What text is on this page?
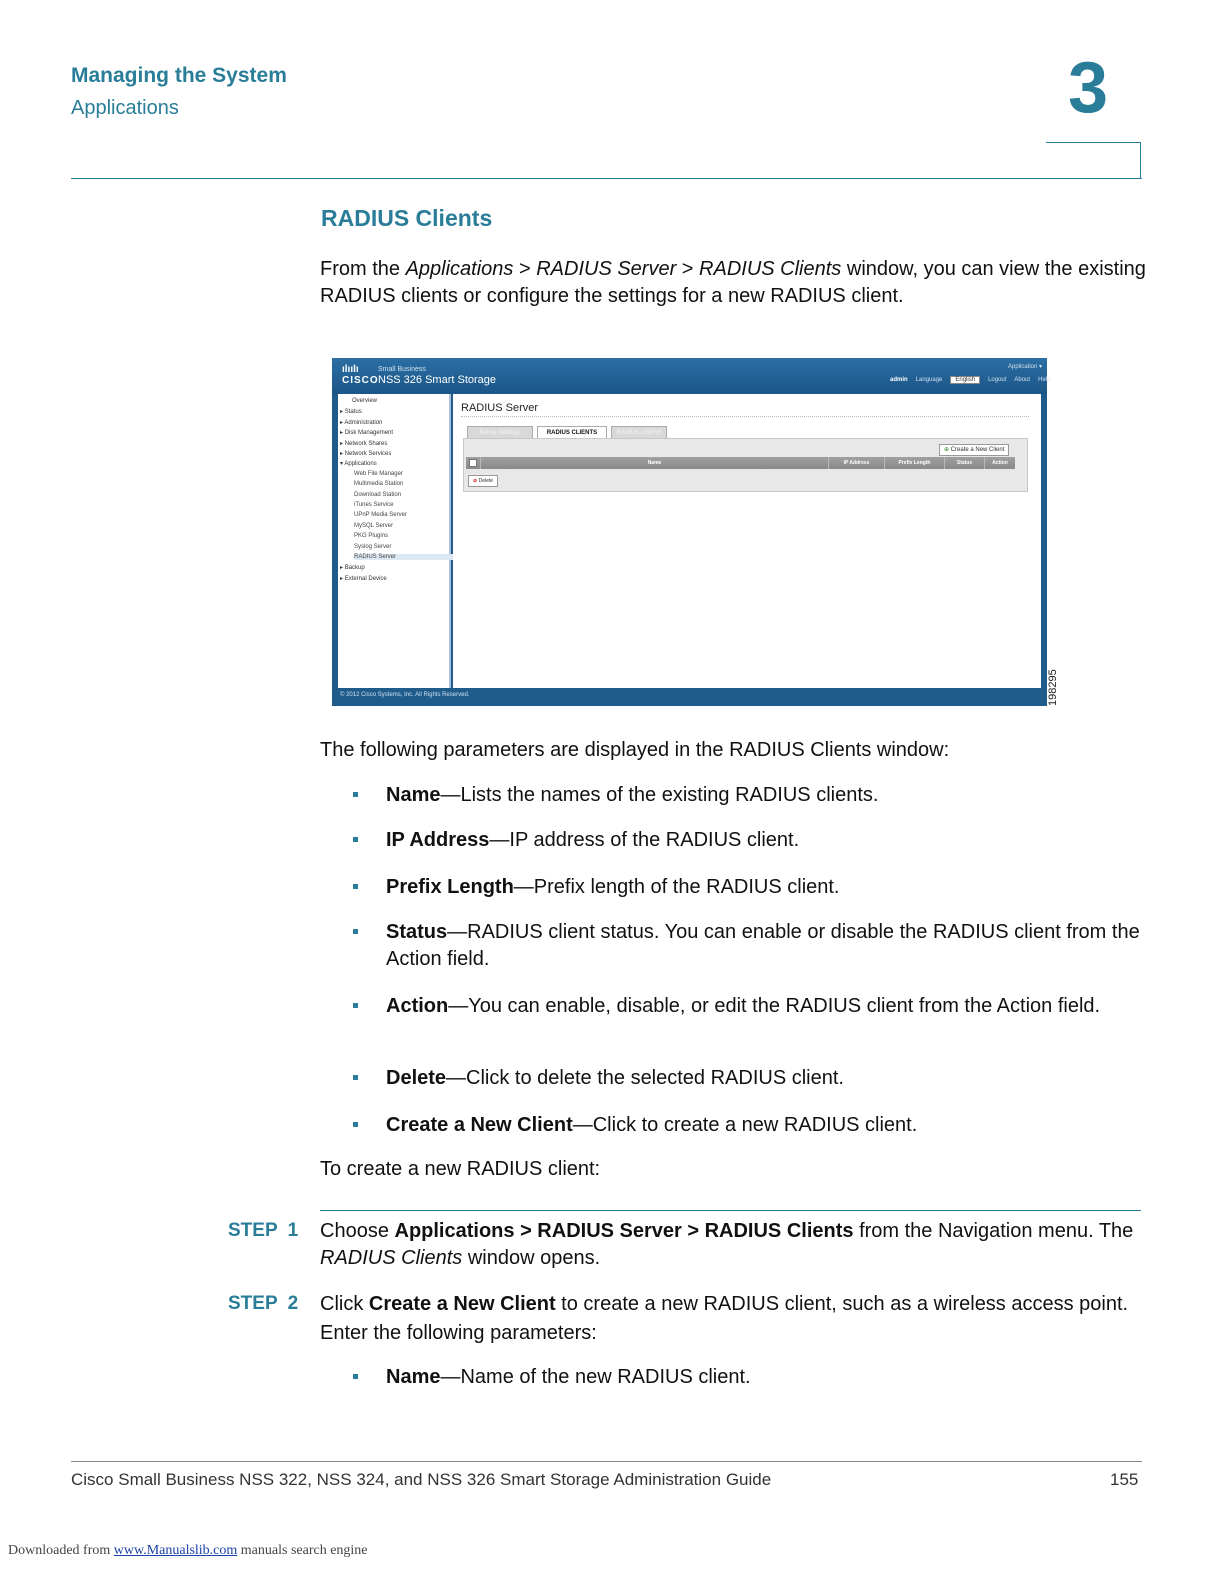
Managing the System
Applications	3
RADIUS Clients
From the Applications > RADIUS Server > RADIUS Clients window, you can view the existing RADIUS clients or configure the settings for a new RADIUS client.
ılıılı
CISCO
Small Business
NSS 326 Smart Storage
Application ▾
admin Language	English	Logout About Help
Overview
▸ Status
▸ Administration
▸ Disk Management
▸ Network Shares
▸ Network Services
▾ Applications
Web File Manager
Multimedia Station
Download Station
iTunes Service
UPnP Media Server
MySQL Server
PKG Plugins
Syslog Server
RADIUS Server
▸ Backup
▸ External Device
RADIUS Server
Server Settings	RADIUS CLIENTS	RADIUS USERS
⊕ Create a New Client
Name	IP Address	Prefix Length	Status	Action
⊘ Delete
© 2012 Cisco Systems, Inc. All Rights Reserved.	198295
The following parameters are displayed in the RADIUS Clients window:
Name—Lists the names of the existing RADIUS clients.
IP Address—IP address of the RADIUS client.
Prefix Length—Prefix length of the RADIUS client.
Status—RADIUS client status. You can enable or disable the RADIUS client from the Action field.
Action—You can enable, disable, or edit the RADIUS client from the Action field.
Delete—Click to delete the selected RADIUS client.
Create a New Client—Click to create a new RADIUS client.
To create a new RADIUS client:
STEP 1 Choose Applications > RADIUS Server > RADIUS Clients from the Navigation menu. The RADIUS Clients window opens.
STEP 2 Click Create a New Client to create a new RADIUS client, such as a wireless access point. Enter the following parameters:
Name—Name of the new RADIUS client.
Cisco Small Business NSS 322, NSS 324, and NSS 326 Smart Storage Administration Guide	155
Downloaded from www.Manualslib.com manuals search engine
